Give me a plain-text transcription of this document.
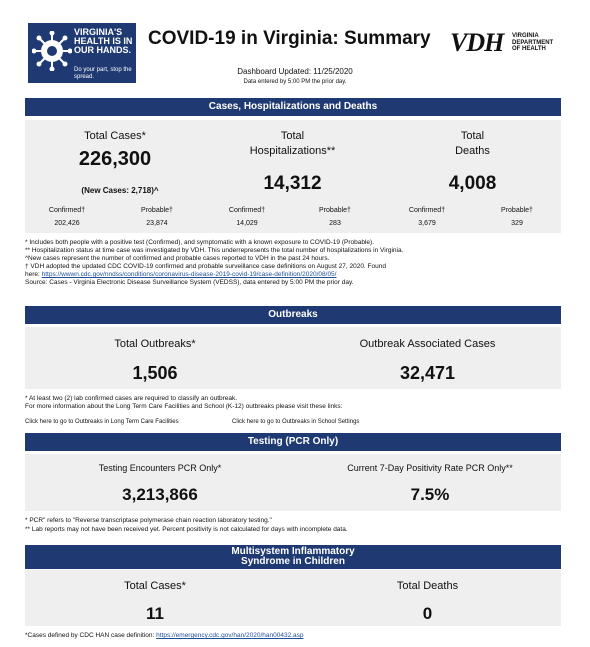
VIRGINIA'S HEALTH IS IN OUR HANDS.
Do your part, stop the spread.
COVID-19 in Virginia: Summary VDH VIRGINIA DEPARTMENT OF HEALTH
Dashboard Updated: 11/25/2020
Data entered by 5:00 PM the prior day.
Cases, Hospitalizations and Deaths
Total Cases*
226,300
(New Cases: 2,718)^
Confirmed†
202,426
Probable†
23,874
Total
Hospitalizations**
14,312
Confirmed†
14,029
Probable†
283
Total
Deaths
4,008
Confirmed†
3,679
Probable†
329
* Includes both people with a positive test (Confirmed), and symptomatic with a known exposure to COVID-19 (Probable).
** Hospitalization status at time case was investigated by VDH. This underrepresents the total number of hospitalizations in Virginia.
^New cases represent the number of confirmed and probable cases reported to VDH in the past 24 hours.
† VDH adopted the updated CDC COVID-19 confirmed and probable surveillance case definitions on August 27, 2020. Found
here: https://wwwn.cdc.gov/nndss/conditions/coronavirus-disease-2019-covid-19/case-definition/2020/08/05/
Source: Cases - Virginia Electronic Disease Surveillance System (VEDSS), data entered by 5:00 PM the prior day.
Outbreaks
Total Outbreaks*
1,506
Outbreak Associated Cases
32,471
* At least two (2) lab confirmed cases are required to classify an outbreak.
For more information about the Long Term Care Facilities and School (K-12) outbreaks please visit these links:
Click here to go to Outbreaks in Long Term Care Facilities	Click here to go to Outbreaks in School Settings
Testing (PCR Only)
Testing Encounters PCR Only*
3,213,866
Current 7-Day Positivity Rate PCR Only**
7.5%
* PCR" refers to "Reverse transcriptase polymerase chain reaction laboratory testing."
** Lab reports may not have been received yet. Percent positivity is not calculated for days with incomplete data.
Multisystem Inflammatory
Syndrome in Children
Total Cases*
11
Total Deaths
0
*Cases defined by CDC HAN case definition: https://emergency.cdc.gov/han/2020/han00432.asp
